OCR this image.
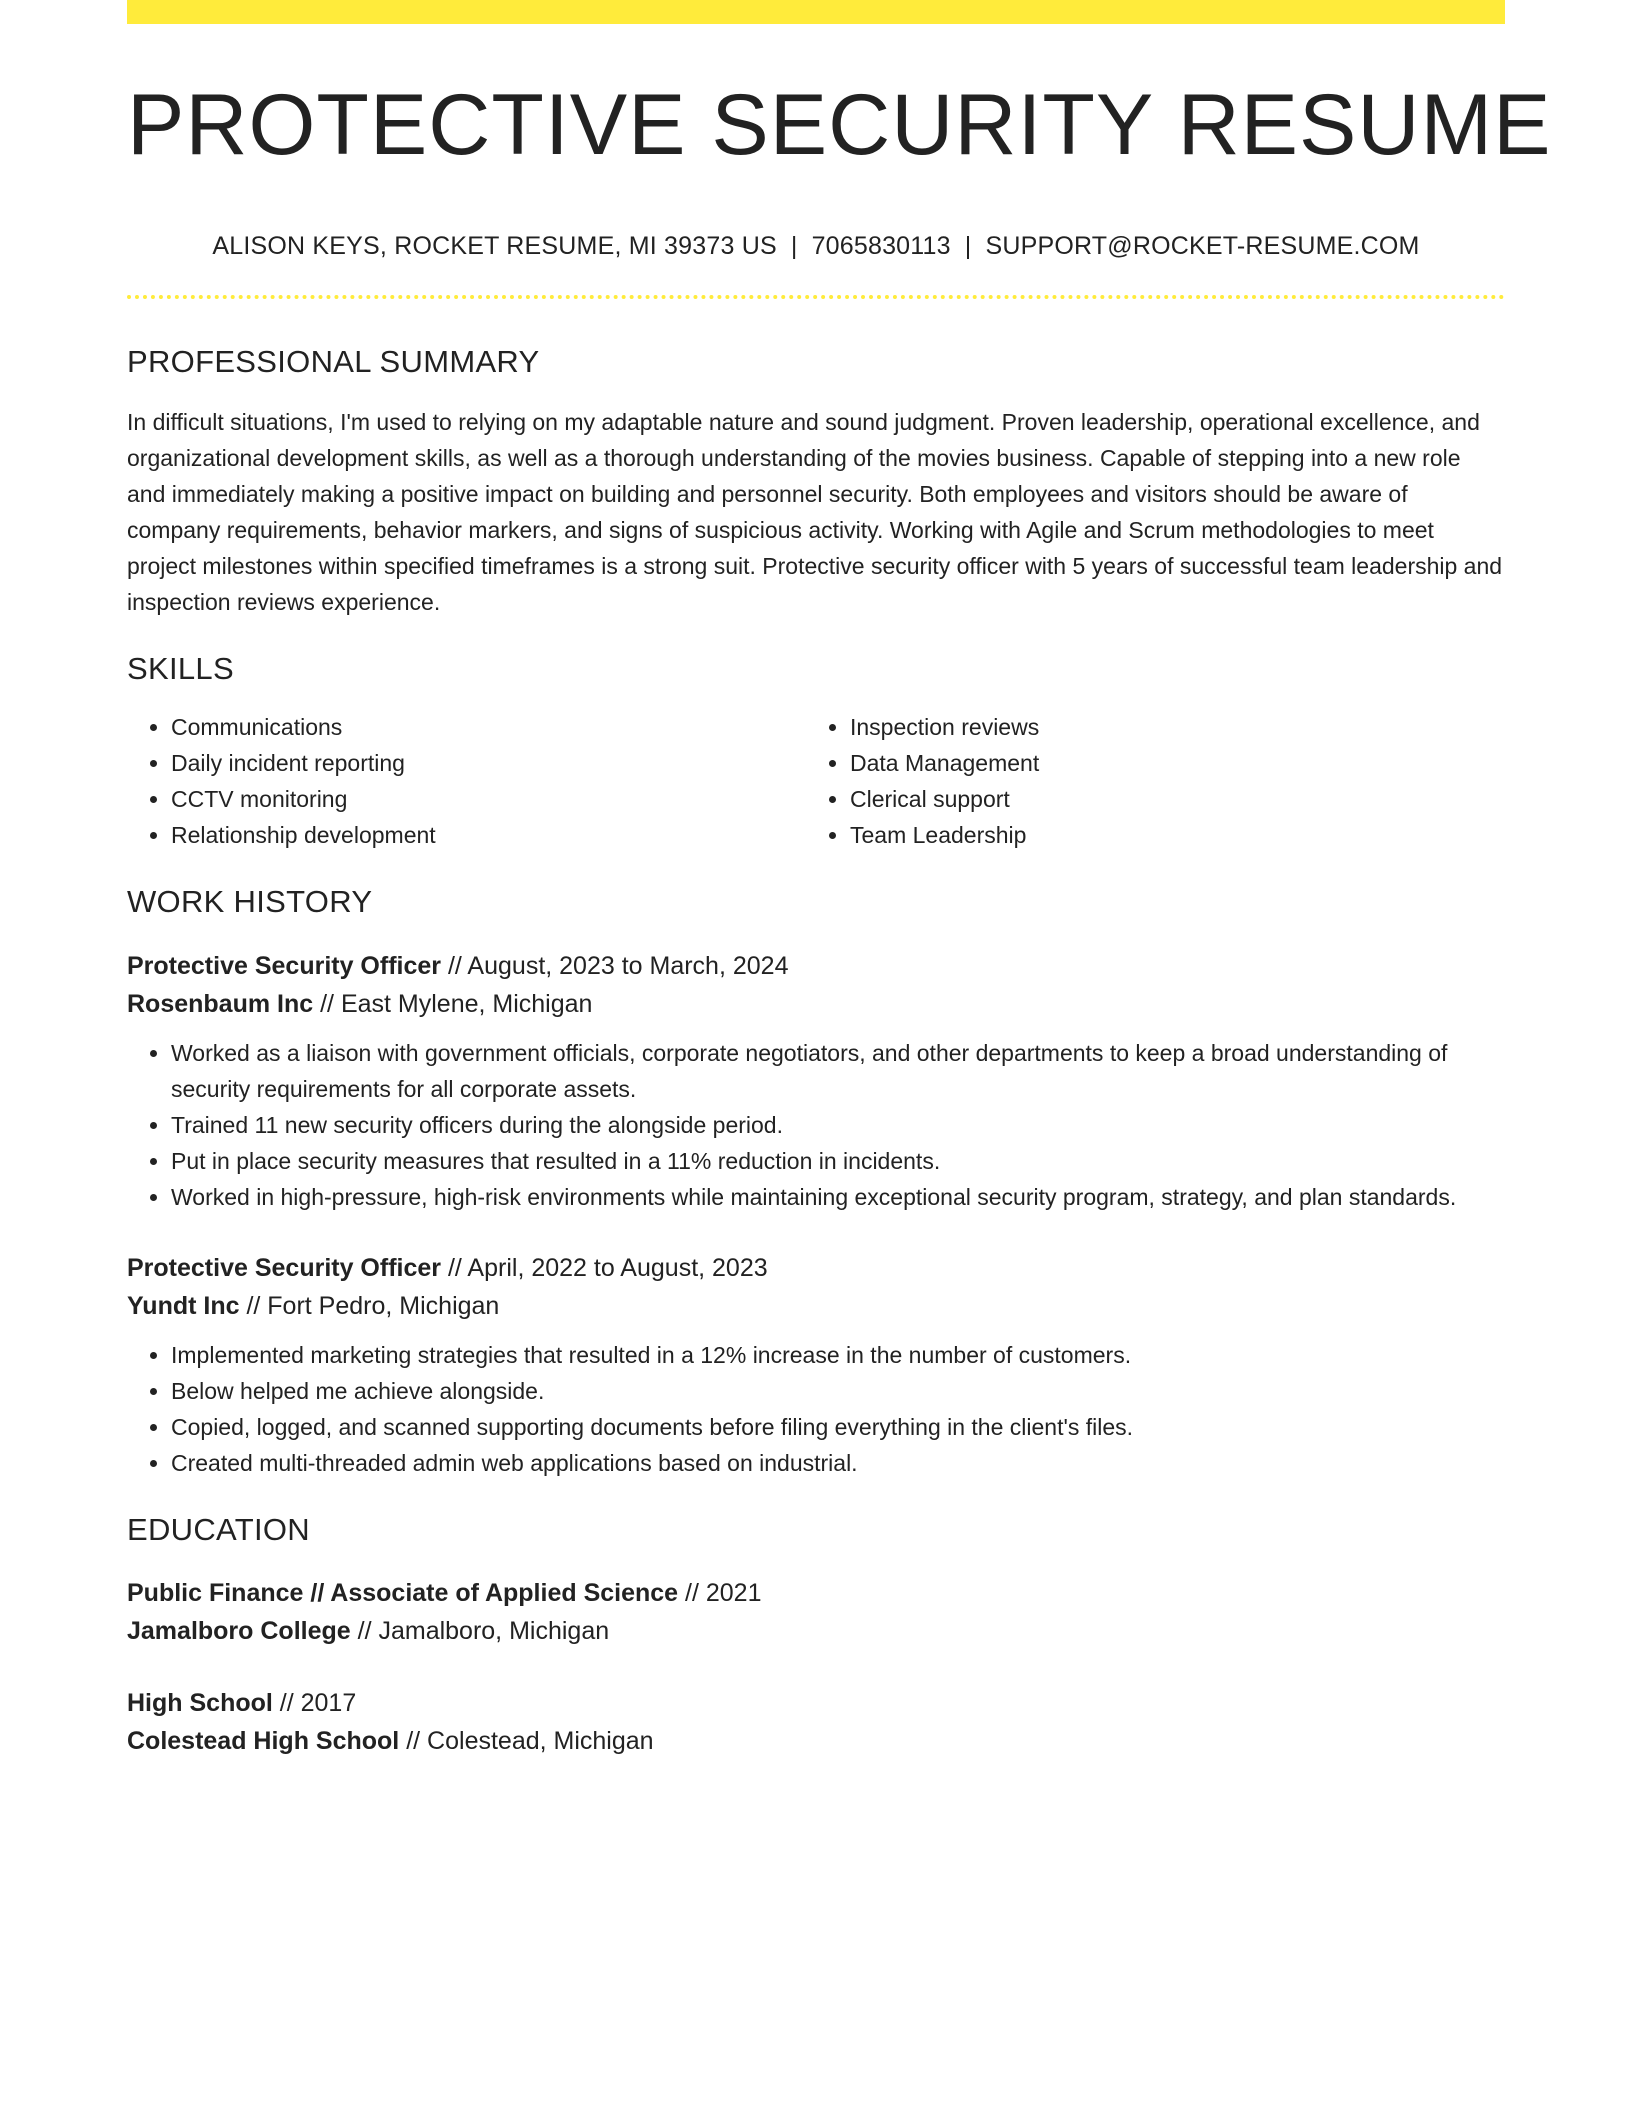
PROTECTIVE SECURITY RESUME
ALISON KEYS, ROCKET RESUME, MI 39373 US | 7065830113 | SUPPORT@ROCKET-RESUME.COM
PROFESSIONAL SUMMARY
In difficult situations, I'm used to relying on my adaptable nature and sound judgment. Proven leadership, operational excellence, and organizational development skills, as well as a thorough understanding of the movies business. Capable of stepping into a new role and immediately making a positive impact on building and personnel security. Both employees and visitors should be aware of company requirements, behavior markers, and signs of suspicious activity. Working with Agile and Scrum methodologies to meet project milestones within specified timeframes is a strong suit. Protective security officer with 5 years of successful team leadership and inspection reviews experience.
SKILLS
• Communications
• Daily incident reporting
• CCTV monitoring
• Relationship development
• Inspection reviews
• Data Management
• Clerical support
• Team Leadership
WORK HISTORY
Protective Security Officer // August, 2023 to March, 2024
Rosenbaum Inc // East Mylene, Michigan
• Worked as a liaison with government officials, corporate negotiators, and other departments to keep a broad understanding of security requirements for all corporate assets.
• Trained 11 new security officers during the alongside period.
• Put in place security measures that resulted in a 11% reduction in incidents.
• Worked in high-pressure, high-risk environments while maintaining exceptional security program, strategy, and plan standards.
Protective Security Officer // April, 2022 to August, 2023
Yundt Inc // Fort Pedro, Michigan
• Implemented marketing strategies that resulted in a 12% increase in the number of customers.
• Below helped me achieve alongside.
• Copied, logged, and scanned supporting documents before filing everything in the client's files.
• Created multi-threaded admin web applications based on industrial.
EDUCATION
Public Finance // Associate of Applied Science // 2021
Jamalboro College // Jamalboro, Michigan
High School // 2017
Colestead High School // Colestead, Michigan
